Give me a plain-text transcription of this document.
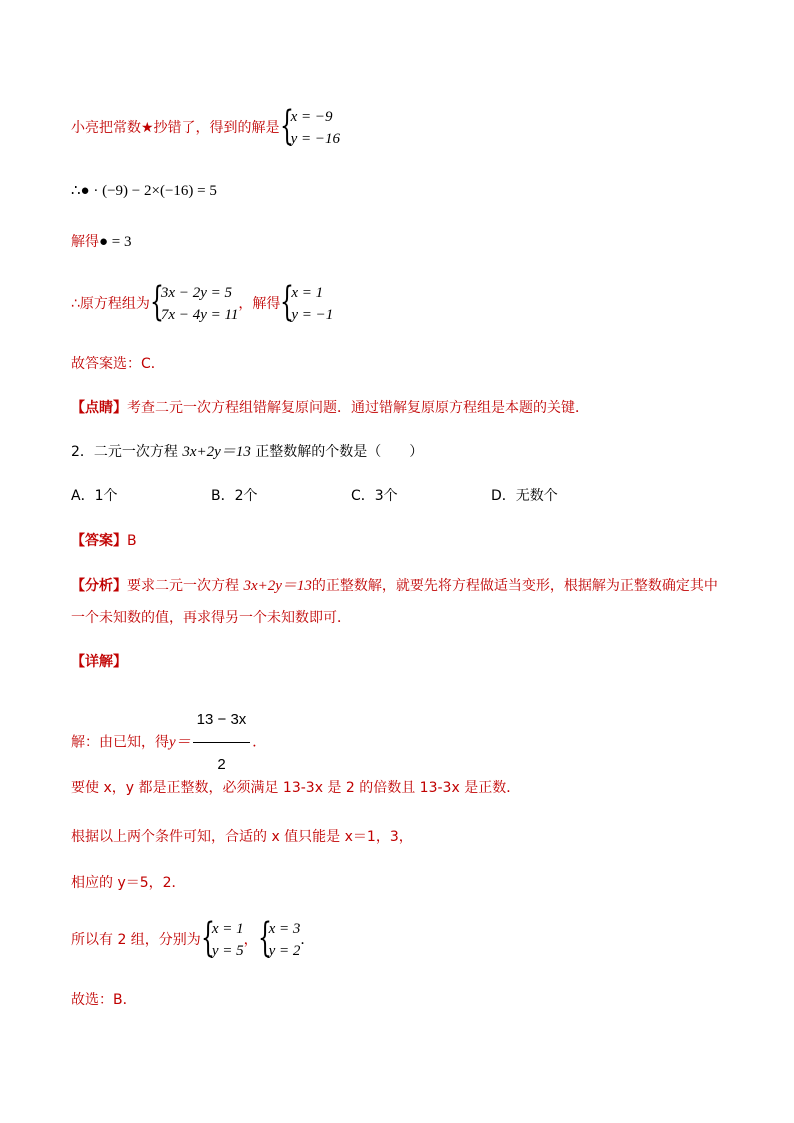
小亮把常数★抄错了，得到的解是 {
x = −9
y = −16
∴● · (−9) − 2×(−16) = 5
解得● = 3
∴原方程组为 {
3x − 2y = 5
7x − 4y = 11
，解得 {
x = 1
y = −1
故答案选：C．
【点睛】考查二元一次方程组错解复原问题．通过错解复原原方程组是本题的关键．
2．二元一次方程 3x+2y＝13 正整数解的个数是（　　）
A．1个	B．2个	C．3个	D．无数个
【答案】B
【分析】要求二元一次方程 3x+2y＝13的正整数解，就要先将方程做适当变形，根据解为正整数确定其中
一个未知数的值，再求得另一个未知数即可．
【详解】
解：由已知，得$y= \frac{13 - 3x}{2}$ ．
要使 x，y 都是正整数，必须满足 13-3x 是 2 的倍数且 13-3x 是正数．
根据以上两个条件可知，合适的 x 值只能是 x＝1，3，
相应的 y＝5，2．
所以有 2 组，分别为 {
x = 1
y = 5
， {
x = 3
y = 2
．
故选：B．
